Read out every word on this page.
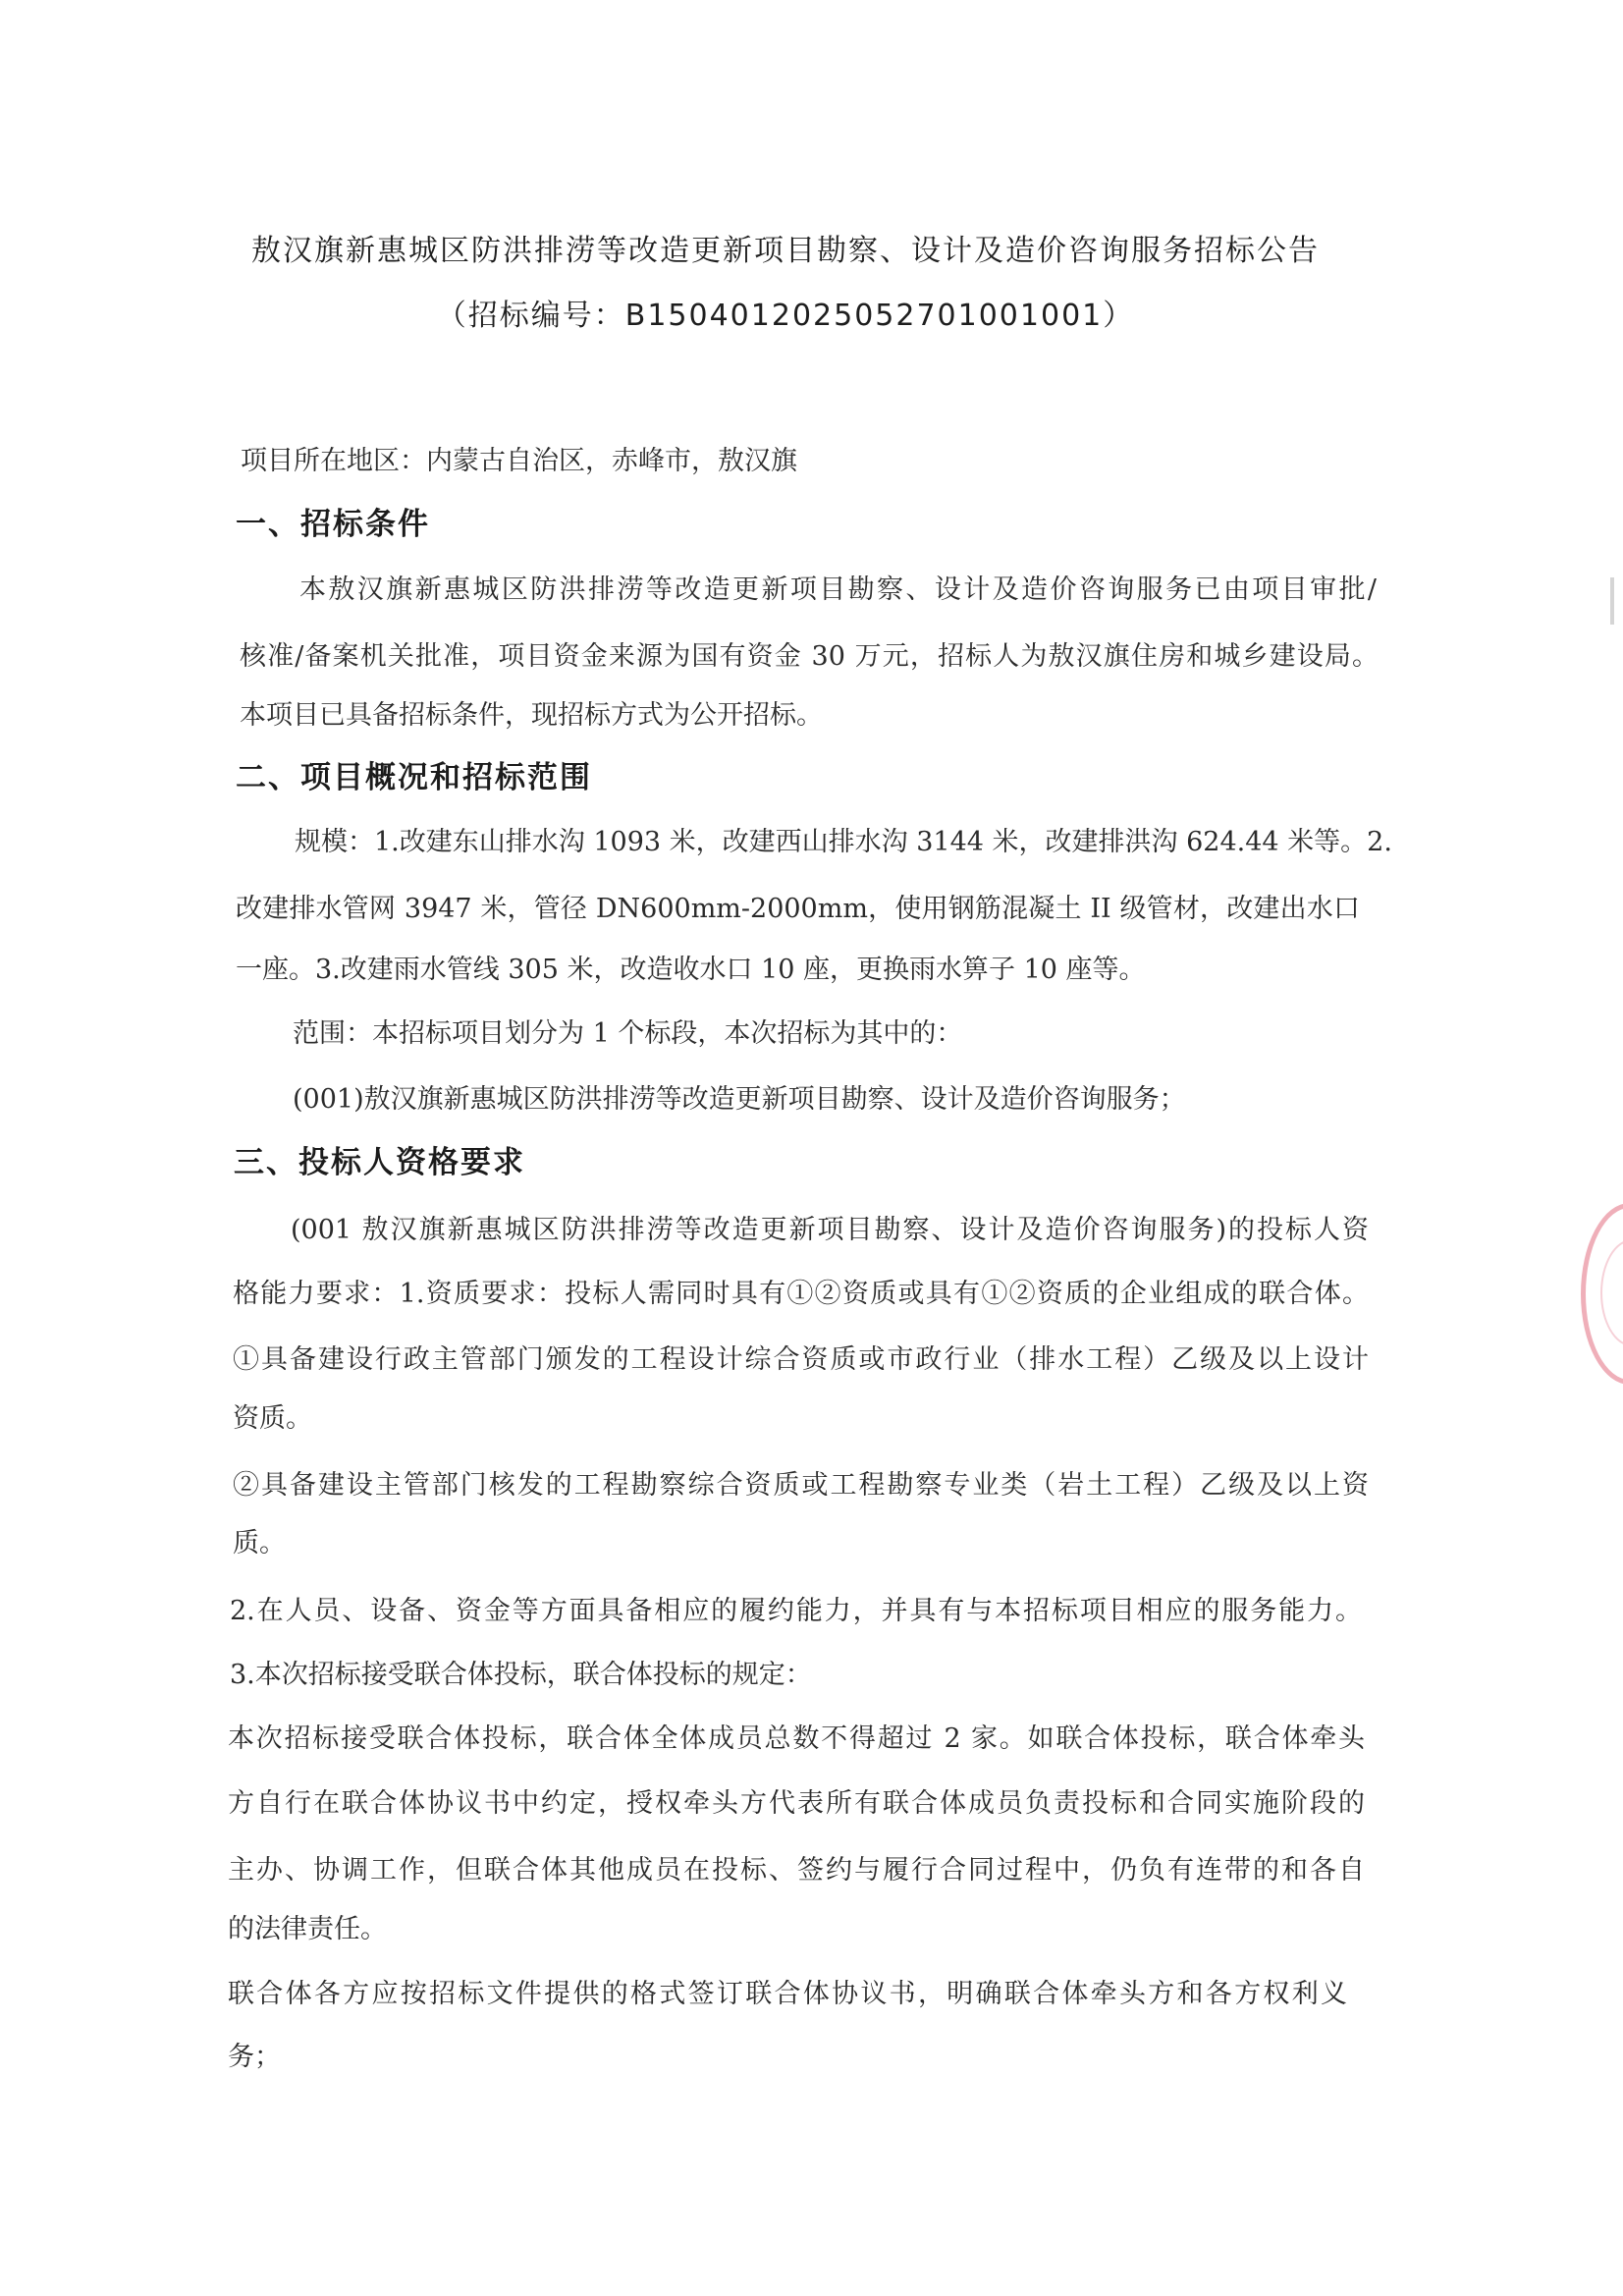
敖汉旗新惠城区防洪排涝等改造更新项目勘察、设计及造价咨询服务招标公告
（招标编号：B1504012025052701001001）
项目所在地区：内蒙古自治区，赤峰市，敖汉旗
一、招标条件
本敖汉旗新惠城区防洪排涝等改造更新项目勘察、设计及造价咨询服务已由项目审批/
核准/备案机关批准，项目资金来源为国有资金 30 万元，招标人为敖汉旗住房和城乡建设局。
本项目已具备招标条件，现招标方式为公开招标。
二、项目概况和招标范围
规模：1.改建东山排水沟 1093 米，改建西山排水沟 3144 米，改建排洪沟 624.44 米等。2.
改建排水管网 3947 米，管径 DN600mm-2000mm，使用钢筋混凝土 II 级管材，改建出水口
一座。3.改建雨水管线 305 米，改造收水口 10 座，更换雨水箅子 10 座等。
范围：本招标项目划分为 1 个标段，本次招标为其中的：
(001)敖汉旗新惠城区防洪排涝等改造更新项目勘察、设计及造价咨询服务；
三、投标人资格要求
(001 敖汉旗新惠城区防洪排涝等改造更新项目勘察、设计及造价咨询服务)的投标人资
格能力要求：1.资质要求：投标人需同时具有①②资质或具有①②资质的企业组成的联合体。
①具备建设行政主管部门颁发的工程设计综合资质或市政行业（排水工程）乙级及以上设计
资质。
②具备建设主管部门核发的工程勘察综合资质或工程勘察专业类（岩土工程）乙级及以上资
质。
2.在人员、设备、资金等方面具备相应的履约能力，并具有与本招标项目相应的服务能力。
3.本次招标接受联合体投标，联合体投标的规定：
本次招标接受联合体投标，联合体全体成员总数不得超过 2 家。如联合体投标，联合体牵头
方自行在联合体协议书中约定，授权牵头方代表所有联合体成员负责投标和合同实施阶段的
主办、协调工作，但联合体其他成员在投标、签约与履行合同过程中，仍负有连带的和各自
的法律责任。
联合体各方应按招标文件提供的格式签订联合体协议书，明确联合体牵头方和各方权利义
务；
